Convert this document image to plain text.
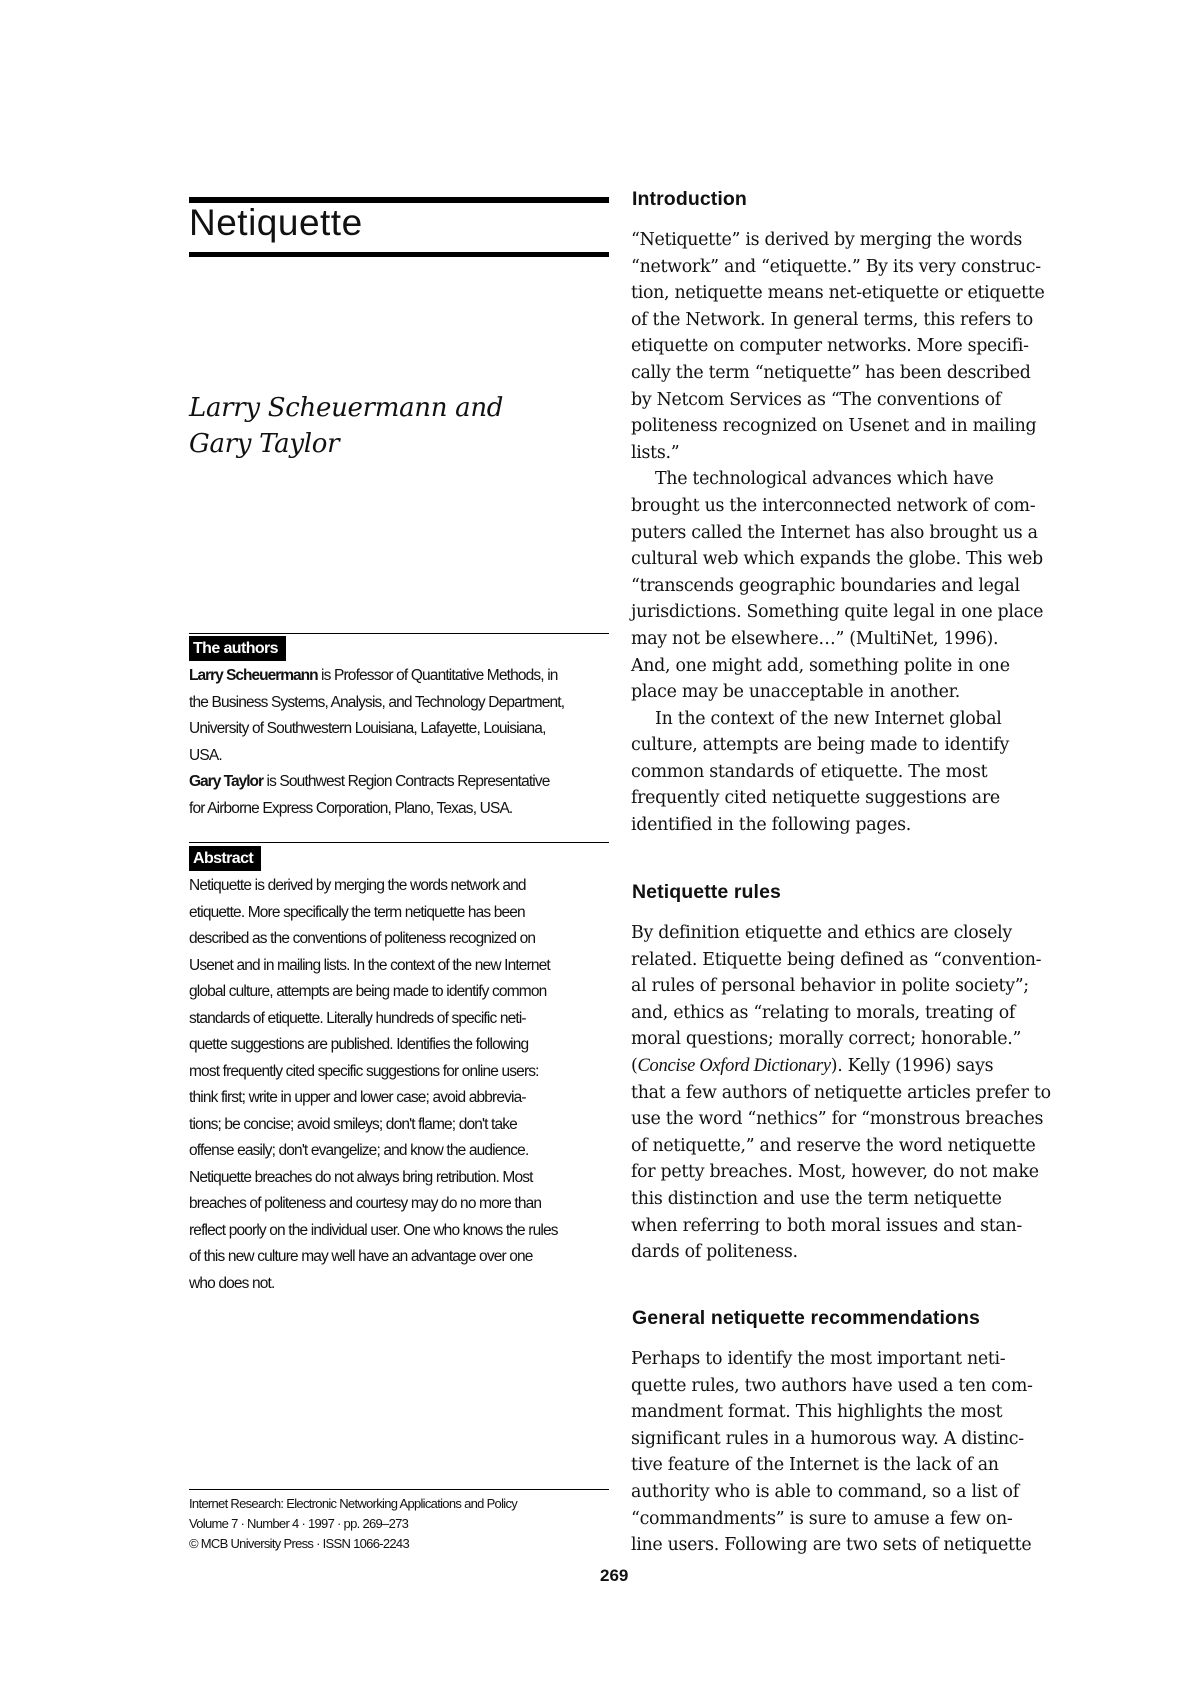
Netiquette

Larry Scheuermann and

Gary Taylor

The authors
Larry Scheuermann is Professor of Quantitative Methods, in
the Business Systems, Analysis, and Technology Department,
University of Southwestern Louisiana, Lafayette, Louisiana,
USA.
Gary Taylor is Southwest Region Contracts Representative
for Airborne Express Corporation, Plano, Texas, USA.
Abstract
Netiquette is derived by merging the words network and
etiquette. More specifically the term netiquette has been
described as the conventions of politeness recognized on
Usenet and in mailing lists. In the context of the new Internet
global culture, attempts are being made to identify common
standards of etiquette. Literally hundreds of specific neti-
quette suggestions are published. Identifies the following
most frequently cited specific suggestions for online users:
think first; write in upper and lower case; avoid abbrevia-
tions; be concise; avoid smileys; don't flame; don't take
offense easily; don't evangelize; and know the audience.
Netiquette breaches do not always bring retribution. Most
breaches of politeness and courtesy may do no more than
reflect poorly on the individual user. One who knows the rules
of this new culture may well have an advantage over one
who does not.
Internet Research: Electronic Networking Applications and Policy
Volume 7 · Number 4 · 1997 · pp. 269–273
© MCB University Press · ISSN 1066-2243
Introduction
“Netiquette” is derived by merging the words
“network” and “etiquette.” By its very construc-
tion, netiquette means net-etiquette or etiquette
of the Network. In general terms, this refers to
etiquette on computer networks. More specifi-
cally the term “netiquette” has been described
by Netcom Services as “The conventions of
politeness recognized on Usenet and in mailing
lists.”
The technological advances which have
brought us the interconnected network of com-
puters called the Internet has also brought us a
cultural web which expands the globe. This web
“transcends geographic boundaries and legal
jurisdictions. Something quite legal in one place
may not be elsewhere…” (MultiNet, 1996).
And, one might add, something polite in one
place may be unacceptable in another.
In the context of the new Internet global
culture, attempts are being made to identify
common standards of etiquette. The most
frequently cited netiquette suggestions are
identified in the following pages.
Netiquette rules
By definition etiquette and ethics are closely
related. Etiquette being defined as “convention-
al rules of personal behavior in polite society”;
and, ethics as “relating to morals, treating of
moral questions; morally correct; honorable.”
(Concise Oxford Dictionary). Kelly (1996) says
that a few authors of netiquette articles prefer to
use the word “nethics” for “monstrous breaches
of netiquette,” and reserve the word netiquette
for petty breaches. Most, however, do not make
this distinction and use the term netiquette
when referring to both moral issues and stan-
dards of politeness.
General netiquette recommendations
Perhaps to identify the most important neti-
quette rules, two authors have used a ten com-
mandment format. This highlights the most
significant rules in a humorous way. A distinc-
tive feature of the Internet is the lack of an
authority who is able to command, so a list of
“commandments” is sure to amuse a few on-
line users. Following are two sets of netiquette
269
